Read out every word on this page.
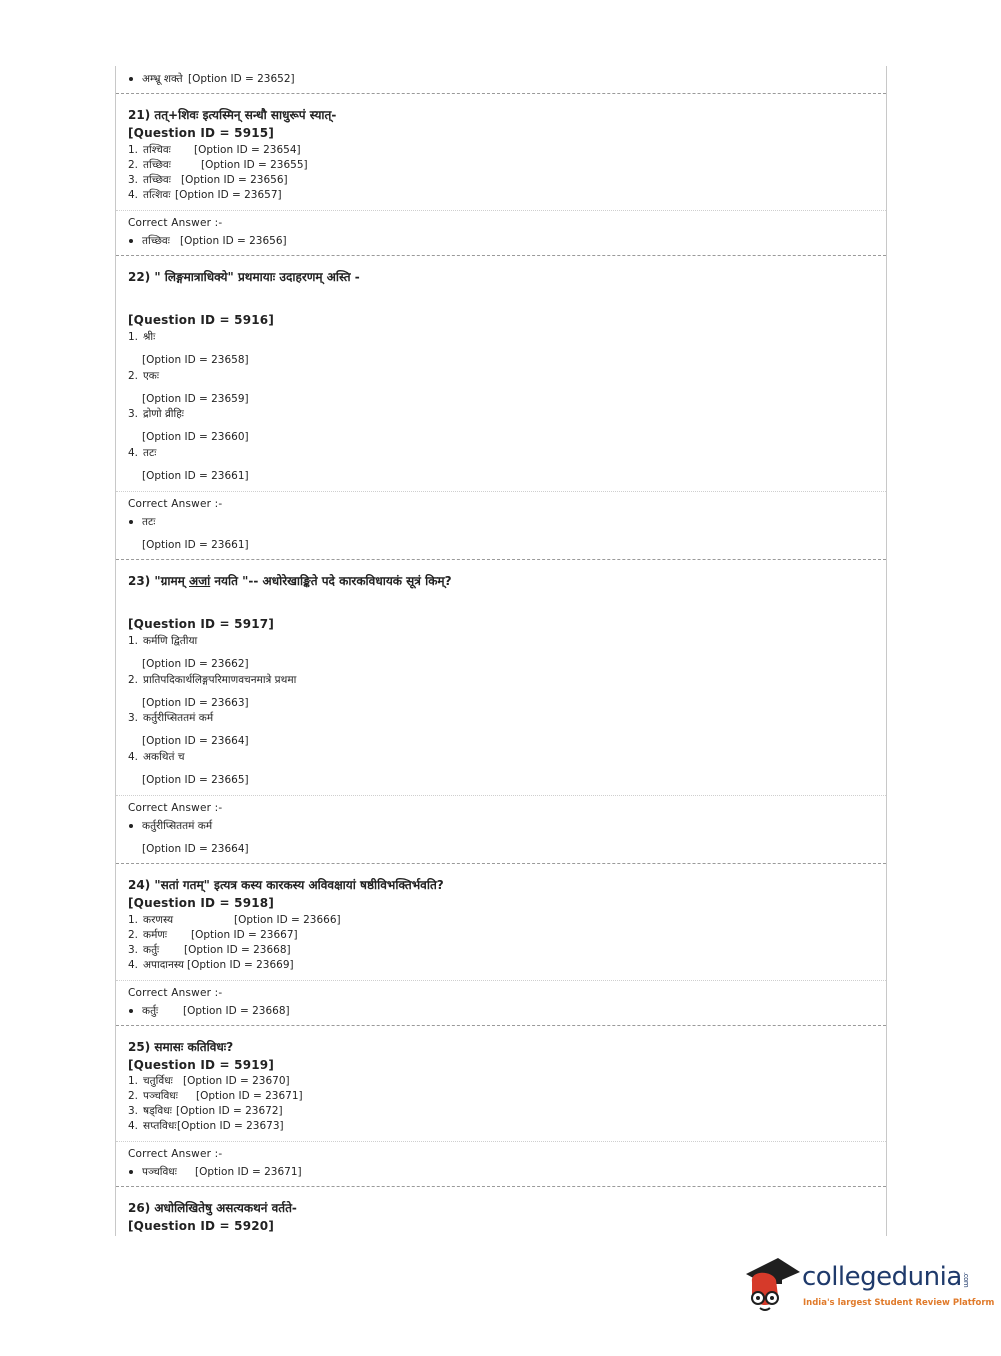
अम्भ्रू शक्ते [Option ID = 23652]
21) तत्+शिवः इत्यस्मिन् सन्धौ साधुरूपं स्यात्-
[Question ID = 5915]
1. तश्चिवः [Option ID = 23654]
2. तच्छिवः	[Option ID = 23655]
3. तच्छिवः [Option ID = 23656]
4. तत्शिवः [Option ID = 23657]
Correct Answer :-
तच्छिवः [Option ID = 23656]
22) " लिङ्गमात्राधिक्ये" प्रथमायाः उदाहरणम् अस्ति -
[Question ID = 5916]
1. श्रीः
[Option ID = 23658]
2. एकः
[Option ID = 23659]
3. द्रोणो व्रीहिः
[Option ID = 23660]
4. तटः
[Option ID = 23661]
Correct Answer :-
तटः
[Option ID = 23661]
23) "ग्रामम् अजां नयति "-- अधोरेखाङ्किते पदे कारकविधायकं सूत्रं किम्?
[Question ID = 5917]
1. कर्मणि द्वितीया
[Option ID = 23662]
2. प्रातिपदिकार्थलिङ्गपरिमाणवचनमात्रे प्रथमा
[Option ID = 23663]
3. कर्तुरीप्सिततमं कर्म
[Option ID = 23664]
4. अकथितं च
[Option ID = 23665]
Correct Answer :-
कर्तुरीप्सिततमं कर्म
[Option ID = 23664]
24) "सतां गतम्" इत्यत्र कस्य कारकस्य अविवक्षायां षष्ठीविभक्तिर्भवति?
[Question ID = 5918]
1. करणस्य	[Option ID = 23666]
2. कर्मणः [Option ID = 23667]
3. कर्तुः [Option ID = 23668]
4. अपादानस्य [Option ID = 23669]
Correct Answer :-
कर्तुः [Option ID = 23668]
25) समासः कतिविधः?
[Question ID = 5919]
1. चतुर्विधः [Option ID = 23670]
2. पञ्चविधः [Option ID = 23671]
3. षड्विधः [Option ID = 23672]
4. सप्तविधः[Option ID = 23673]
Correct Answer :-
पञ्चविधः [Option ID = 23671]
26) अधोलिखितेषु असत्यकथनं वर्तते-
[Question ID = 5920]
collegedunia .com
India's largest Student Review Platform
